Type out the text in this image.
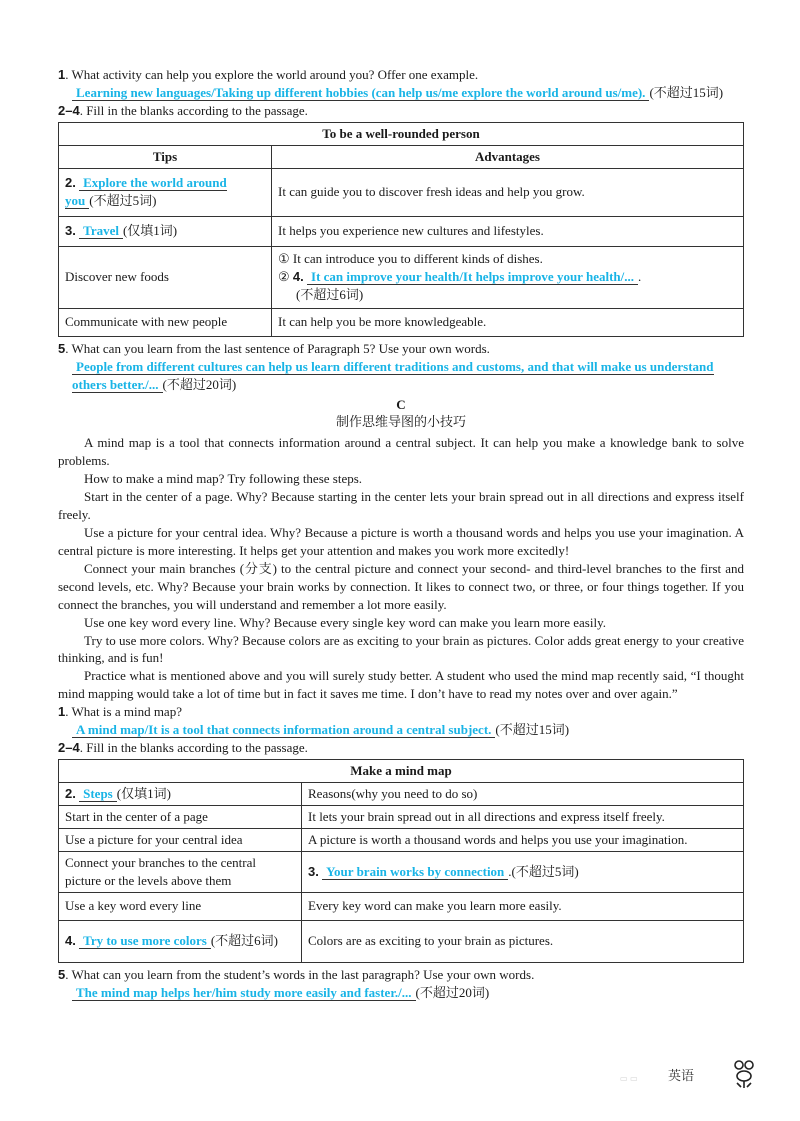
1. What activity can help you explore the world around you? Offer one example.
Learning new languages/Taking up different hobbies (can help us/me explore the world around us/me). (不超过15词)
2–4. Fill in the blanks according to the passage.
To be a well-rounded person	
Tips	Advantages
2. Explore the world around you (不超过5词)	It can guide you to discover fresh ideas and help you grow.
3. Travel (仅填1词)	It helps you experience new cultures and lifestyles.
Discover new foods	① It can introduce you to different kinds of dishes.
② 4. It can improve your health/It helps improve your health/... .
(不超过6词)

Communicate with new people	It can help you be more knowledgeable.
5. What can you learn from the last sentence of Paragraph 5? Use your own words.
People from different cultures can help us learn different traditions and customs, and that will make us understand others better./... (不超过20词)
C
制作思维导图的小技巧

A mind map is a tool that connects information around a central subject. It can help you make a knowledge bank to solve problems.

How to make a mind map? Try following these steps.

Start in the center of a page. Why? Because starting in the center lets your brain spread out in all directions and express itself freely.

Use a picture for your central idea. Why? Because a picture is worth a thousand words and helps you use your imagination. A central picture is more interesting. It helps get your attention and makes you work more excitedly!

Connect your main branches (分支) to the central picture and connect your second- and third-level branches to the first and second levels, etc. Why? Because your brain works by connection. It likes to connect two, or three, or four things together. If you connect the branches, you will understand and remember a lot more easily.

Use one key word every line. Why? Because every single key word can make you learn more easily.

Try to use more colors. Why? Because colors are as exciting to your brain as pictures. Color adds great energy to your creative thinking, and is fun!

Practice what is mentioned above and you will surely study better. A student who used the mind map recently said, “I thought mind mapping would take a lot of time but in fact it saves me time. I don’t have to read my notes over and over again.”

1. What is a mind map?
A mind map/It is a tool that connects information around a central subject. (不超过15词)
2–4. Fill in the blanks according to the passage.
Make a mind map	
2. Steps (仅填1词)	Reasons(why you need to do so)
Start in the center of a page	It lets your brain spread out in all directions and express itself freely.
Use a picture for your central idea	A picture is worth a thousand words and helps you use your imagination.
Connect your branches to the central picture or the levels above them	3. Your brain works by connection .(不超过5词)
Use a key word every line	Every key word can make you learn more easily.
4. Try to use more colors (不超过6词)	Colors are as exciting to your brain as pictures.
5. What can you learn from the student’s words in the last paragraph? Use your own words.
The mind map helps her/him study more easily and faster./... (不超过20词)
▭ ▭ 英语
